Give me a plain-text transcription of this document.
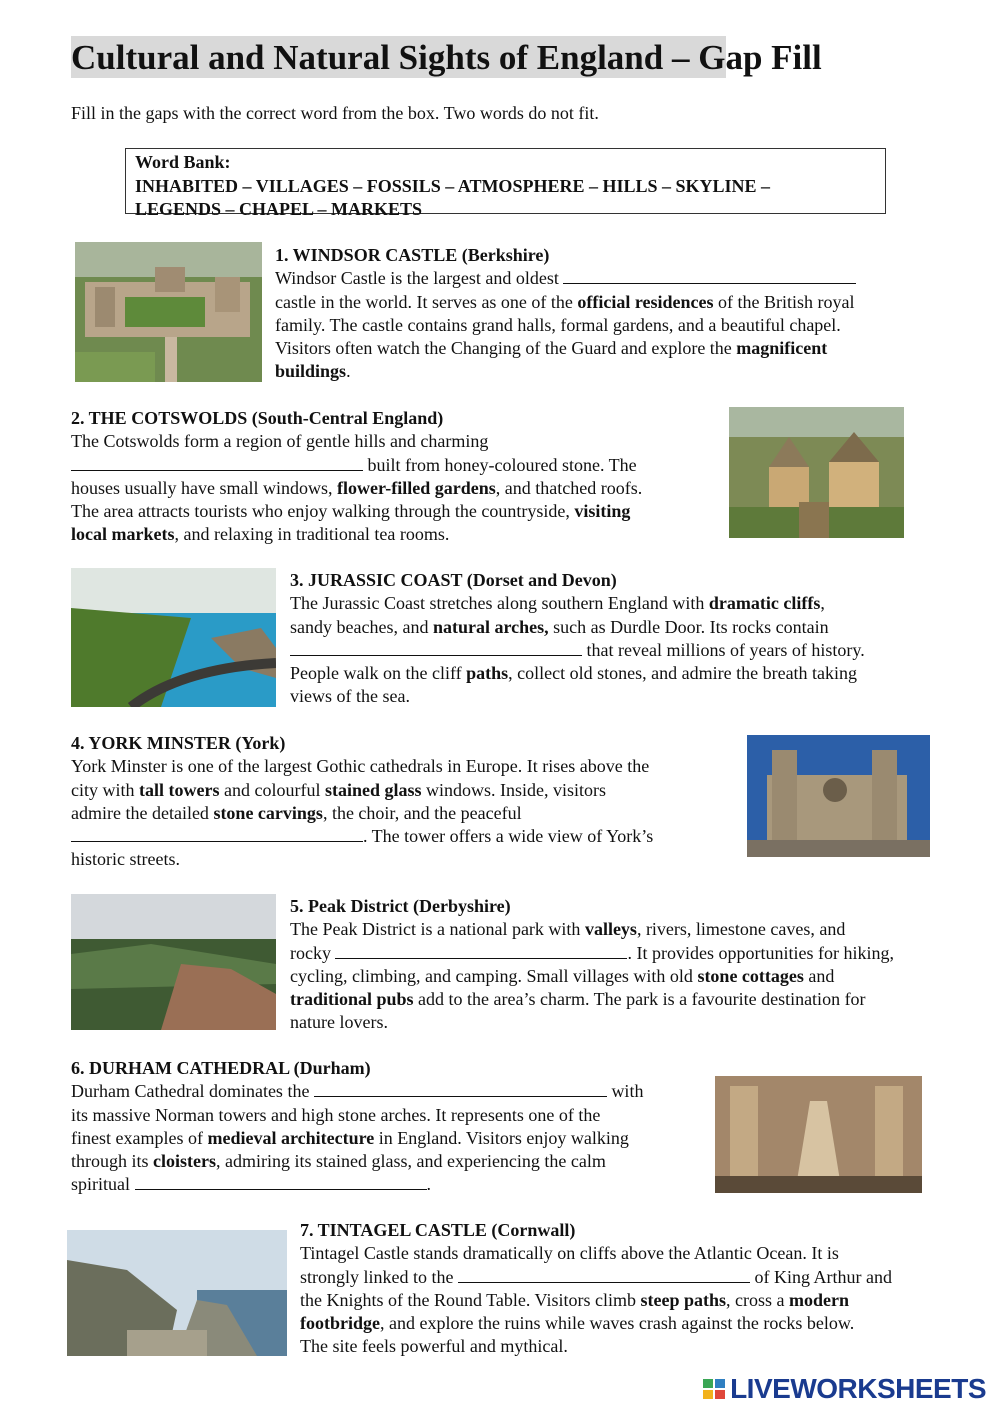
Cultural and Natural Sights of England – Gap Fill
Fill in the gaps with the correct word from the box. Two words do not fit.
Word Bank:
INHABITED – VILLAGES – FOSSILS – ATMOSPHERE – HILLS – SKYLINE –
LEGENDS – CHAPEL – MARKETS
1. WINDSOR CASTLE (Berkshire)
Windsor Castle is the largest and oldest
castle in the world. It serves as one of the official residences of the British royal
family. The castle contains grand halls, formal gardens, and a beautiful chapel.
Visitors often watch the Changing of the Guard and explore the magnificent
buildings.
2. THE COTSWOLDS (South-Central England)
The Cotswolds form a region of gentle hills and charming
built from honey-coloured stone. The
houses usually have small windows, flower-filled gardens, and thatched roofs.
The area attracts tourists who enjoy walking through the countryside, visiting
local markets, and relaxing in traditional tea rooms.
3. JURASSIC COAST (Dorset and Devon)
The Jurassic Coast stretches along southern England with dramatic cliffs,
sandy beaches, and natural arches, such as Durdle Door. Its rocks contain
that reveal millions of years of history.
People walk on the cliff paths, collect old stones, and admire the breath taking
views of the sea.
4. YORK MINSTER (York)
York Minster is one of the largest Gothic cathedrals in Europe. It rises above the
city with tall towers and colourful stained glass windows. Inside, visitors
admire the detailed stone carvings, the choir, and the peaceful
. The tower offers a wide view of York’s
historic streets.
5. Peak District (Derbyshire)
The Peak District is a national park with valleys, rivers, limestone caves, and
rocky	. It provides opportunities for hiking,
cycling, climbing, and camping. Small villages with old stone cottages and
traditional pubs add to the area’s charm. The park is a favourite destination for
nature lovers.
6. DURHAM CATHEDRAL (Durham)
Durham Cathedral dominates the	with
its massive Norman towers and high stone arches. It represents one of the
finest examples of medieval architecture in England. Visitors enjoy walking
through its cloisters, admiring its stained glass, and experiencing the calm
spiritual	.
7. TINTAGEL CASTLE (Cornwall)
Tintagel Castle stands dramatically on cliffs above the Atlantic Ocean. It is
strongly linked to the	of King Arthur and
the Knights of the Round Table. Visitors climb steep paths, cross a modern
footbridge, and explore the ruins while waves crash against the rocks below.
The site feels powerful and mythical.
LIVEWORKSHEETS
